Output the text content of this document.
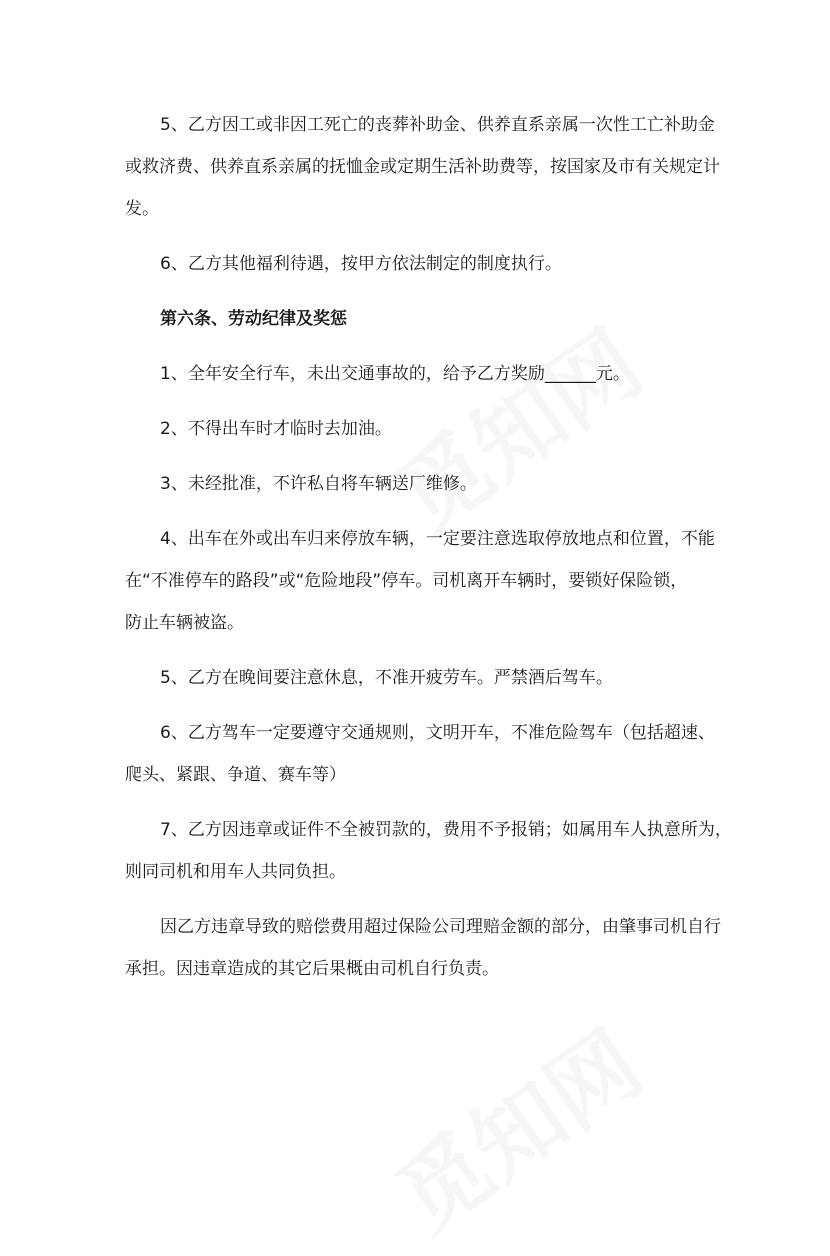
5、乙方因工或非因工死亡的丧葬补助金、供养直系亲属一次性工亡补助金
或救济费、供养直系亲属的抚恤金或定期生活补助费等，按国家及市有关规定计
发。
6、乙方其他福利待遇，按甲方依法制定的制度执行。
第六条、劳动纪律及奖惩
1、全年安全行车，未出交通事故的，给予乙方奖励______元。
2、不得出车时才临时去加油。
3、未经批准，不许私自将车辆送厂维修。
4、出车在外或出车归来停放车辆，一定要注意选取停放地点和位置，不能
在“不准停车的路段”或“危险地段”停车。司机离开车辆时，要锁好保险锁，
防止车辆被盗。
5、乙方在晚间要注意休息，不准开疲劳车。严禁酒后驾车。
6、乙方驾车一定要遵守交通规则，文明开车，不准危险驾车（包括超速、
爬头、紧跟、争道、赛车等）
7、乙方因违章或证件不全被罚款的，费用不予报销；如属用车人执意所为，
则同司机和用车人共同负担。
因乙方违章导致的赔偿费用超过保险公司理赔金额的部分，由肇事司机自行
承担。因违章造成的其它后果概由司机自行负责。
